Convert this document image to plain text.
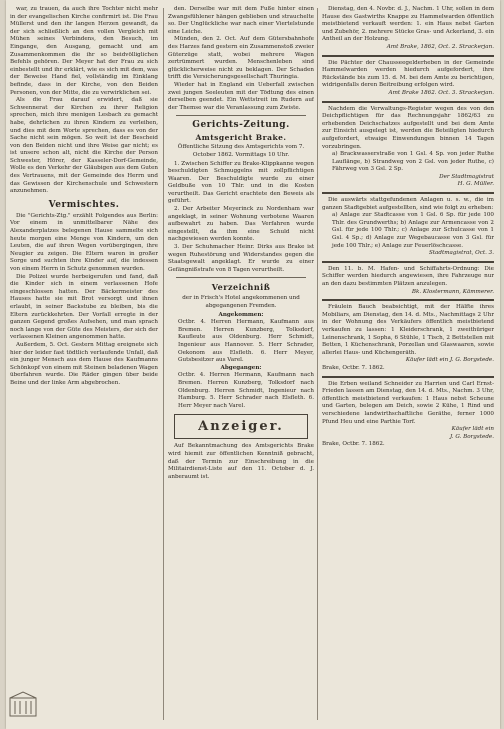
war, zu trauen, da auch ihre Tochter nicht mehr in der evangelischen Kirche confirmirt ist. Die Frau Müllerst und den ihr langen Herzen gewandt, da der sich schließlich an den vollen Vergleich mit Mühen seines Verbindens, den Besuch, im Eingange, den Ausgang, gemacht und am Zusammenkommen die ihr so beidvölliglichen Befehls gehören. Der Meyer hat der Frau zu sich einbestellt und ihr erklärt, wie es sich mit dem, was der Beweise Hand fiel, vollständig im Einklang befinde, dass in der Kirche, von den Beiden Personen, von der Mitte, die zu verwirklichen sei.

Als die Frau darauf erwidert, daß sie Schwennerat der Kirchen zu ihrer Religion sprechen, mich ihre menigen Lesbach zu gemacht habe, dehrlichen zu ihren Kindern zu verleihen, und dies mit dem Worte sprechen, dass es von der Sache nicht sein mögen. So weit ist der Bescheid von den Beiden nicht und ihre Weise gar nicht; es ist unsere schon alt, nicht die Kirche der Person Schwester, Hörer, der Kasseler-Dorf-Gemeinde, Wolle es den Verkehr der Gläubigen aus dem Guten des Vertrauens, mit der Gemeinde des Herrn und das Gewissen der Kirchenschule und Schwestern anzunehmen.

Vermischtes.

Die "Gerichts-Ztg." erzählt Folgendes aus Berlin: Vor einem in unmittelbarer Nähe des Alexanderplatzes belegenen Hause sammelte sich heute morgen eine Menge von Kindern, um den Leuten, die auf ihren Wegen vorübergingen, ihre Neugier zu zeigen. Die Eltern waren in großer Sorge und suchten ihre Kinder auf, die indessen von einem Herrn in Schutz genommen wurden.

Die Polizei wurde herbeigerufen und fand, daß die Kinder sich in einem verlassenen Hofe eingeschlossen hatten. Der Bäckermeister des Hauses hatte sie mit Brot versorgt und ihnen erlaubt, in seiner Backstube zu bleiben, bis die Eltern zurückkehrten. Der Vorfall erregte in der ganzen Gegend großes Aufsehen, und man sprach noch lange von der Güte des Meisters, der sich der verlassenen Kleinen angenommen hatte.

Außerdem, 5. Oct. Gestern Mittag ereignete sich hier der leider fast tödtlich verlaufende Unfall, daß ein junger Mensch aus dem Hause des Kaufmanns Schönkopf von einem mit Steinen beladenen Wagen überfahren wurde. Die Räder gingen über beide Beine und der linke Arm abgebrochen.

den. Derselbe war mit dem Fuße hinter einen Zwangsfühlener hängen geblieben und strauchelte so. Der Unglückliche war nach einer Viertelstunde eine Leiche.

Münden, den 2. Oct. Auf dem Gütersbahnhofe des Harzes fand gestern ein Zusammenstoß zweier Güterzüge statt, wobei mehrere Wagen zertrümmert wurden. Menschenleben sind glücklicherweise nicht zu beklagen. Der Schaden trifft die Versicherungsgesellschaft Thuringia.

Wieder hat in England ein Ueberfall zwischen zwei jungen Seeleuten mit der Tödtung des einen derselben geendet. Ein Wettstreit im Rudern auf der Themse war die Veranlassung zum Zwiste.

Gerichts-Zeitung.
Amtsgericht Brake.
Öffentliche Sitzung des Amtsgerichts vom 7. October 1862. Vormittags 10 Uhr.

1. Zwischen Schiffer zu Brake-Klippkanne wegen beschuldigten Schmuggelns mit zollpflichtigen Waaren. Der Beschuldigte wurde zu einer Geldbuße von 10 Thlr. und in die Kosten verurtheilt. Das Gericht erachtete den Beweis als geführt.

2. Der Arbeiter Meyerinck zu Nordenham war angeklagt, in seiner Wohnung verbotene Waaren aufbewahrt zu haben. Das Verfahren wurde eingestellt, da ihm eine Schuld nicht nachgewiesen werden konnte.

3. Der Schuhmacher Heinr. Dirks aus Brake ist wegen Ruhestörung und Widerstandes gegen die Staatsgewalt angeklagt. Er wurde zu einer Gefängnißstrafe von 8 Tagen verurtheilt.

Verzeichniß
der in Frisch's Hotel angekommenen und abgegangenen Fremden.
Angekommen:

Octbr. 4. Herren Hermann, Kaufmann aus Bremen. Herren Kunzberg, Tolksdorf, Kaufleute aus Oldenburg. Herr Schmidt, Ingenieur aus Hannover. 5. Herr Schrader, Oekonom aus Elsfleth. 6. Herr Meyer, Gutsbesitzer aus Varel.

Abgegangen:

Octbr. 4. Herren Hermann, Kaufmann nach Bremen. Herren Kunzberg, Tolksdorf nach Oldenburg. Herren Schmidt, Ingenieur nach Hamburg. 5. Herr Schrader nach Elsfleth. 6. Herr Meyer nach Varel.

Anzeiger.

Auf Bekanntmachung des Amtsgerichts Brake wird hiemit zur öffentlichen Kenntniß gebracht, daß der Termin zur Einschreibung in die Militairdienst-Liste auf den 11. October d. J. anberaumt ist.

Dienstag, den 4. Novbr. d. J., Nachm. 1 Uhr, sollen in dem Hause des Gastwirths Knappe zu Hammelwarden öffentlich meistbietend verkauft werden: 1. ein Haus nebst Garten und Zubehör, 2. mehrere Stücke Gras- und Ackerland, 3. ein Antheil an der Holzung.

Amt Brake, 1862, Oct. 2. Strackerjan.

Die Pächter der Chausseegelderheben in der Gemeinde Hammelwarden werden hiedurch aufgefordert, ihre Rückstände bis zum 15. d. M. bei dem Amte zu berichtigen, widrigenfalls deren Beitreibung erfolgen wird.

Amt Brake 1862. Oct. 3. Strackerjan.

Nachdem die Verwaltungs-Register wegen des von den Deichpflichtigen für das Rechnungsjahr 1862/63 zu erhebenden Deichschatzes aufgestellt und bei dem Amte zur Einsicht ausgelegt ist, werden die Beteiligten hiedurch aufgefordert, etwaige Einwendungen binnen 14 Tagen vorzubringen.

a) Brackwasserstraße von 1 Gsl. 4 Sp. von jeder Ruthe Lauflänge, b) Strandweg von 2 Gsl. von jeder Ruthe, c) Fährweg von 3 Gsl. 2 Sp.

Der Stadtmagistrat
H. G. Müller.

Die auswärts stattgefundenen Anlagen u. s. w., die im ganzen Stadtgebiet aufgestellten, sind wie folgt zu erheben:

a) Anlage zur Stadtcasse von 1 Gsl. 6 Sp. für jede 100 Thlr. des Grundwerths; b) Anlage zur Armencasse von 2 Gsl. für jede 100 Thlr.; c) Anlage zur Schulcasse von 1 Gsl. 4 Sp.; d) Anlage zur Wegebaucasse von 3 Gsl. für jede 100 Thlr.; e) Anlage zur Feuerlöschcasse.

Stadtmagistrat, Oct. 3.

Den 11. b. M. Hafen- und Schiffahrts-Ordnung: Die Schiffer werden hiedurch angewiesen, ihre Fahrzeuge nur an den dazu bestimmten Plätzen anzulegen.

Bk. Klostermann, Kämmerer.

Fräulein Bauch beabsichtigt, mit der Hälfte ihres Mobiliars, am Dienstag, den 14. d. Mts., Nachmittags 2 Uhr in der Wohnung des Verkäufers öffentlich meistbietend verkaufen zu lassen: 1 Kleiderschrank, 1 zweithüriger Leinenschrank, 1 Sopha, 6 Stühle, 1 Tisch, 2 Bettstellen mit Betten, 1 Küchenschrank, Porzellan und Glaswaaren, sowie allerlei Haus- und Küchengeräth.

Käufer lädt ein J. G. Borgstede.
Brake, Octbr. 7. 1862.

Die Erben weiland Schneider zu Harrien und Carl Ernst-Frieden lassen am Dienstag, den 14. d. Mts., Nachm. 3 Uhr, öffentlich meistbietend verkaufen: 1 Haus nebst Scheune und Garten, belegen am Deich, sowie 2 Kühe, 1 Rind und verschiedene landwirthschaftliche Geräthe, ferner 1000 Pfund Heu und eine Parthie Torf.

Käufer lädt ein
J. G. Borgstede.
Brake, Octbr. 7. 1862.
